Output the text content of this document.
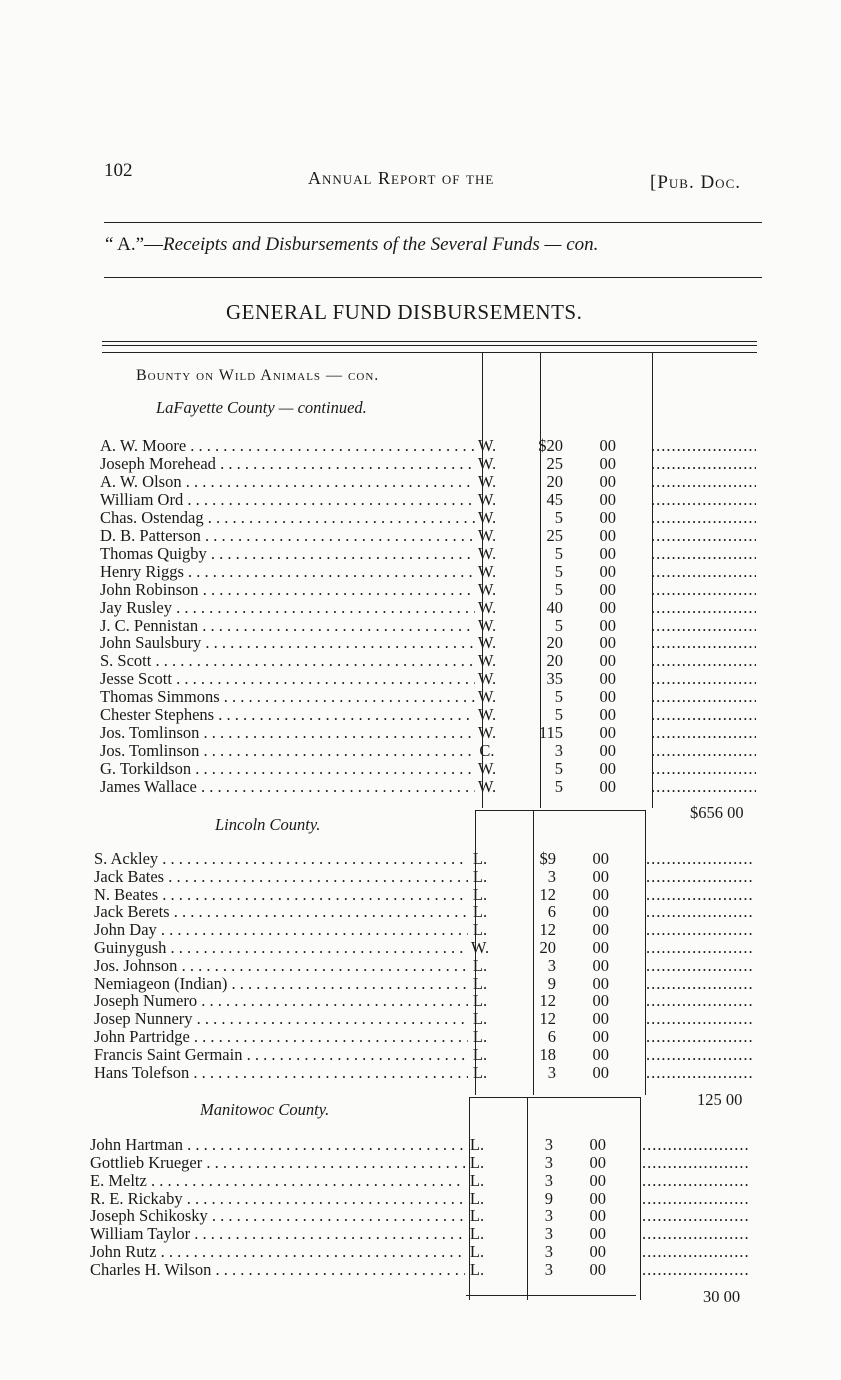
102	Annual Report of the	[Pub. Doc.
“ A.”—Receipts and Disbursements of the Several Funds — con.
GENERAL FUND DISBURSEMENTS.
Bounty on Wild Animals — con.
LaFayette County — continued.
A. W. Moore . . .	W.	$20	00
.....
Joseph Morehead . . .	W.	25	00
.....
A. W. Olson . . .	W.	20	00
.....
William Ord . . .	W.	45	00
.....
Chas. Ostendag . . .	W.	5	00
.....
D. B. Patterson . . .	W.	25	00
.....
Thomas Quigby . . .	W.	5	00
.....
Henry Riggs . . .	W.	5	00
.....
John Robinson . . .	W.	5	00
.....
Jay Rusley . . .	W.	40	00
.....
J. C. Pennistan . . .	W.	5	00
.....
John Saulsbury . . .	W.	20	00
.....
S. Scott . . .	W.	20	00
.....
Jesse Scott . . .	W.	35	00
.....
Thomas Simmons . . .	W.	5	00
.....
Chester Stephens . . .	W.	5	00
.....
Jos. Tomlinson . . .	W.	115	00
.....
Jos. Tomlinson . . .	C.	3	00
.....
G. Torkildson . . .	W.	5	00
.....
James Wallace . . .	W.	5	00
.....
$656 00
Lincoln County.
S. Ackley . . .	L.	$9	00
.....
Jack Bates . . .	L.	3	00
.....
N. Beates . . .	L.	12	00
.....
Jack Berets . . .	L.	6	00
.....
John Day . . .	L.	12	00
.....
Guinygush . . .	W.	20	00
.....
Jos. Johnson . . .	L.	3	00
.....
Nemiageon (Indian) . . .	L.	9	00
.....
Joseph Numero . . .	L.	12	00
.....
Josep Nunnery . . .	L.	12	00
.....
John Partridge . . .	L.	6	00
.....
Francis Saint Germain . . .	L.	18	00
.....
Hans Tolefson . . .	L.	3	00
.....
125 00
Manitowoc County.
John Hartman . . .	L.	3	00
.....
Gottlieb Krueger . . .	L.	3	00
.....
E. Meltz . . .	L.	3	00
.....
R. E. Rickaby . . .	L.	9	00
.....
Joseph Schikosky . . .	L.	3	00
.....
William Taylor . . .	L.	3	00
.....
John Rutz . . .	L.	3	00
.....
Charles H. Wilson . . .	L.	3	00
.....
30 00
